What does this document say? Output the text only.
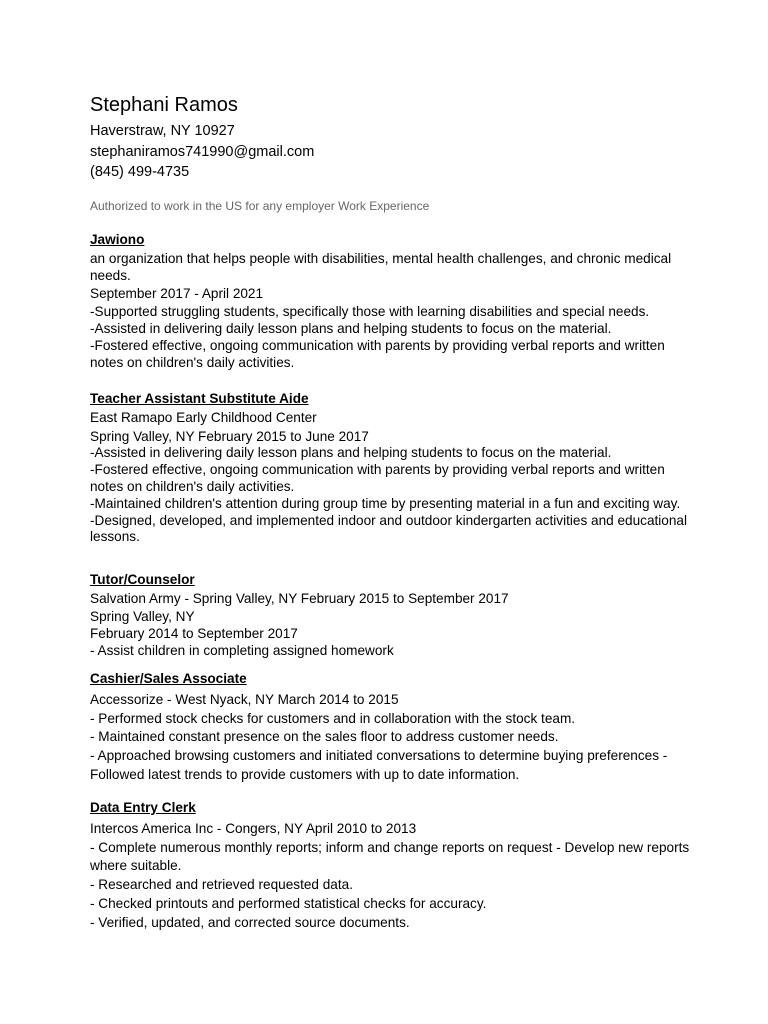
Stephani Ramos
Haverstraw, NY 10927
stephaniramos741990@gmail.com
(845) 499-4735
Authorized to work in the US for any employer Work Experience
Jawiono
an organization that helps people with disabilities, mental health challenges, and chronic medical needs.
September 2017 - April 2021
-Supported struggling students, specifically those with learning disabilities and special needs.
-Assisted in delivering daily lesson plans and helping students to focus on the material.
-Fostered effective, ongoing communication with parents by providing verbal reports and written notes on children's daily activities.
Teacher Assistant Substitute Aide
East Ramapo Early Childhood Center
Spring Valley, NY February 2015 to June 2017
-Assisted in delivering daily lesson plans and helping students to focus on the material.
-Fostered effective, ongoing communication with parents by providing verbal reports and written notes on children's daily activities.
-Maintained children's attention during group time by presenting material in a fun and exciting way.
-Designed, developed, and implemented indoor and outdoor kindergarten activities and educational lessons.
Tutor/Counselor
Salvation Army - Spring Valley, NY February 2015 to September 2017
Spring Valley, NY
February 2014 to September 2017
- Assist children in completing assigned homework
Cashier/Sales Associate
Accessorize - West Nyack, NY March 2014 to 2015
- Performed stock checks for customers and in collaboration with the stock team.
- Maintained constant presence on the sales floor to address customer needs.
- Approached browsing customers and initiated conversations to determine buying preferences - Followed latest trends to provide customers with up to date information.
Data Entry Clerk
Intercos America Inc - Congers, NY April 2010 to 2013
- Complete numerous monthly reports; inform and change reports on request - Develop new reports where suitable.
- Researched and retrieved requested data.
- Checked printouts and performed statistical checks for accuracy.
- Verified, updated, and corrected source documents.
